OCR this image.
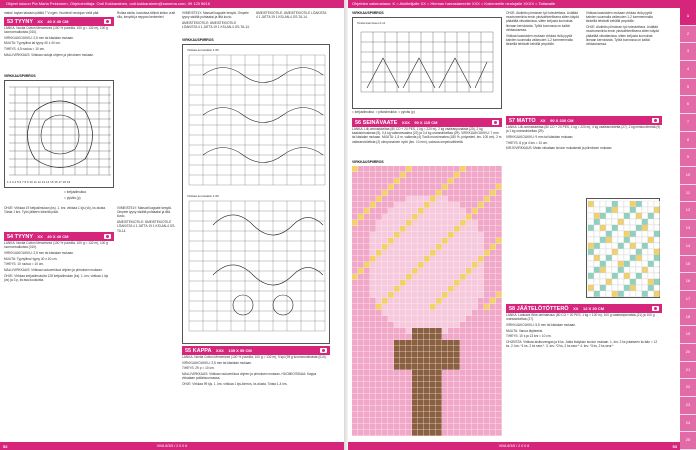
Ohjeet lukuun Pia Maria Pekkonen, Ohjetoimittaja: Outi Kokkarainen, outi.kokkarainen@sanoma.com, 09 120 5616

maksi: taytan takaisin pääliä 7 V:ngen. Huolehdi neulojan vielä pää.

53 TYYNY XX 40 X 40 CM

LANKA: Novita Cotton Mercerized (100 % puuvilla, 100 g = 132 m), 100 g luonnonvalkoista (010).

VIRKKUUKOUKKU: 2,5 mm tai käsialan mukaan.

MUUTA: Tyynyliina tai tyyny 40 x 40 cm.

TIHEYS: 4,5 ruutua = 10 cm.

MALLIVIRKKAUS: Virkkaa ruutuja ohjeen ja piirroksen mukaan.

Rullaa aloita, kuvioissa lähinä kellun vrait rilla, kevyitä ja neppan kerkenteri.

VIRKKAUSPIIRROS
1 2 3 4 5 6 7 8 9 10 11 12 13 14 15 16 17 18 19

= ketjusilmukka

= pylväs (p)

OHJE: Virkkaa 19 ketjusilmukan (ks). 1. krs: virkkaa 1 kjs (vk), ks alusta. Toista 1 krs. Työn jälkeen kiinnitä päät.

54 TYYNY XX 40 X 40 CM

LANKA: Novita Cotton Mercerized (100 % puuvilla, 100 g = 132 m), 100 g luonnonvalkoista (010).

VIRKKUUKOUKKU: 2,5 mm tai käsialan mukaan.

MUUTA: Tyynyliina/ tyyny 40 x 40 cm.

TIHEYS: 10 ruutua = 10 cm.

MALLIVIRKKAUS: Virkkaa ruutuverkkoa ohjeen ja piirroksen mukaan.

OHJE: Virkkaa ketjusilmukoita 128 ketjusilmukan (ks). 1. krs: virkkaa 1 kjs (vk) ja 3 p, ks:ssa koukuista.

VIIMEISTELY: Maruati kappale kesytä. Ompele tyyny sisältä puhtaaksi ja liitä kuvio.

ÄMEISTEKIOTILE: ÄMEISTEKIOTILE LÖAKISTA 4 1 JATTA 19 1 KSI-AN-4 OS-TA-14.

VIIMEISTELY: Maruati kappale kesytä. Ompele tyyny sisältä puhtaaksi ja liitä kuvio.

ÄMEISTEKIOTILE: ÄMEISTEKIOTILE LÖAKISTA 4 1 JATTA 19 1 KSI-AN-4 OS-TA-14.

ÄMEISTEKIOTILE: ÄMEISTEKIOTILE LÖAKISTA 4 1 JATTA 19 1 KSI-AN-4 OS-TA-14.

VIRKKAUSPIIRROS
Virkkaa korostakisi 1-56
Virkkaa korostakisi 1-56
55 KAPPA XXX 135 X 55 CM

LANKA: Novita Cotton Mercerized (100 % puuvilla, 100 g = 132 m), 9 kpl (99 g luonnonvalkoista (010).

VIRKKUUKOUKKU: 2,5 mm tai käsialan mukaan.

TIHEYS: 29 p = 10 cm.

MALLIVIRKKAUS: Virkkaa ruutuverkkoa ohjeen ja piirroksen mukaan. HUOMIOITAVAA: Kappa virkataan poikkisuunnassa.

OHJE: Virkkaa 99 kjs. 1. krs: virkkaa 1 kjs-kierros, ks alusta. Toista 1-4 krs.

ViVA 6/3/5 / 2 0 0 6
52
Ohjeiden vaikeustaso: K = Aloittelijalle XX = Hieman harrastaneelle XXX = Kokeneelle neulojalle XXXX = Taitavalle
VIRKKAUSPIIRROS
Toista kierrokset 2-11
= ketjusilmukka = piilosilmukka = pylväs (p)
56 SEINÄVAATE XXX 90 X 115 CM

LANKA: Lilli-ominaiskeltaa (80 CO + 20 PES, 1 kg = 220 m), 2 kg vaaleanpunaista (25), 2 kg kaakaonruskeaa (5), 0,4 kg vaikeanvaalea (22) ja 0,4 kg oranssinkeltaa (29). VIRKKUUKOUKKU: 7 mm tai käsialan mukaan. MUUTA: 1,5 m, vaikeuta (4) Toolli-muovinnatea (180 %, polyesteri, leu. 100 cm). 2 m vaikeanvioletista (2) oleopunainen nyöri (leu. 10 mm), valosua ompeluvälineitä.

VIRKKAUSPIIRROS

OHJE: Aloitettu piirroksen työ toteutettava. Lisättää mustrommiinia ensin yksivaihteellisena sitten käydä pääaltää virkattavissa, sitten ketjusta kunnoista lineaan kerroksista. Työtä kunnossa on kaikki virkkauksessa.

Virkkaa kaavioiden mukaan virkkaa riviä pyydä kahden suunnalla vaikeuden 1-2 tummemmalla tärkeillä tehtävät kehällä ympärille.

Virkkaa kaavioiden mukaan virkkaa riviä pyydä kahden suunnalla vaikeuden 1-2 tummemmalla tärkeillä tehtävät kehällä ympärille.

OHJE: Aloitettu piirroksen työ toteutettava. Lisättää mustrommiinia ensin yksivaihteellisena sitten käydä pääaltää virkattavissa, sitten ketjusta kunnoista lineaan kerroksista. Työtä kunnossa on kaikki virkkauksessa.

57 MATTO XX 90 X 230 CM

LANKA: Lilli-ominaiskeltaa (80 CO + 20 PES, 1 kg = 220 m), 4 kg vaaleanvioletta (27), 2 kg mintunvihreää (9) ja 1 kg oranssinkeltaa (29).

VIRKKUUKOUKKU: 9 mm tai käsialan mukaan.

TIHEYS: 8 p ja 4 krs = 10 cm.

KIRJOVIRKKAUS: Matto virkataan kuvion mukaisesti ja piirroksen mukaan.

58 JÄÄTELÖTÖTTERÖ XX 12 X 30 CM

LANKA: Lankava Wire-ominaisuus (80 CO + 20 PES, 1 kg = 100 m), 100 g vaaleanpunaista (21) ja 100 g oranssinkeltaa (27).

VIRKKUUKOUKKU: 5,5 mm tai käsialan mukaan.

MUUTA: Vanua täytteeksi.

TIHEYS: 10 s ja 13 krs = 10 cm.

OHJEISTA: Virkkaa aloitusrengas ja 6 ks. Jatka lisäyksin kuvion mukaan. 1. krs: 2 ks jokaiseen ks:ään = 12 ks. 2. krs: *1 ks, 2 ks seur.*. 3. krs: *2 ks, 2 ks seur.* 4. krs: *3 ks, 2 ks seur.*

ViVA 6/3/5 / 2 0 0 6	53
1
2
3
4
5
6
7
8
9
10
11
12
13
14
15
16
17
18
19
20
21
22
23
24
25
